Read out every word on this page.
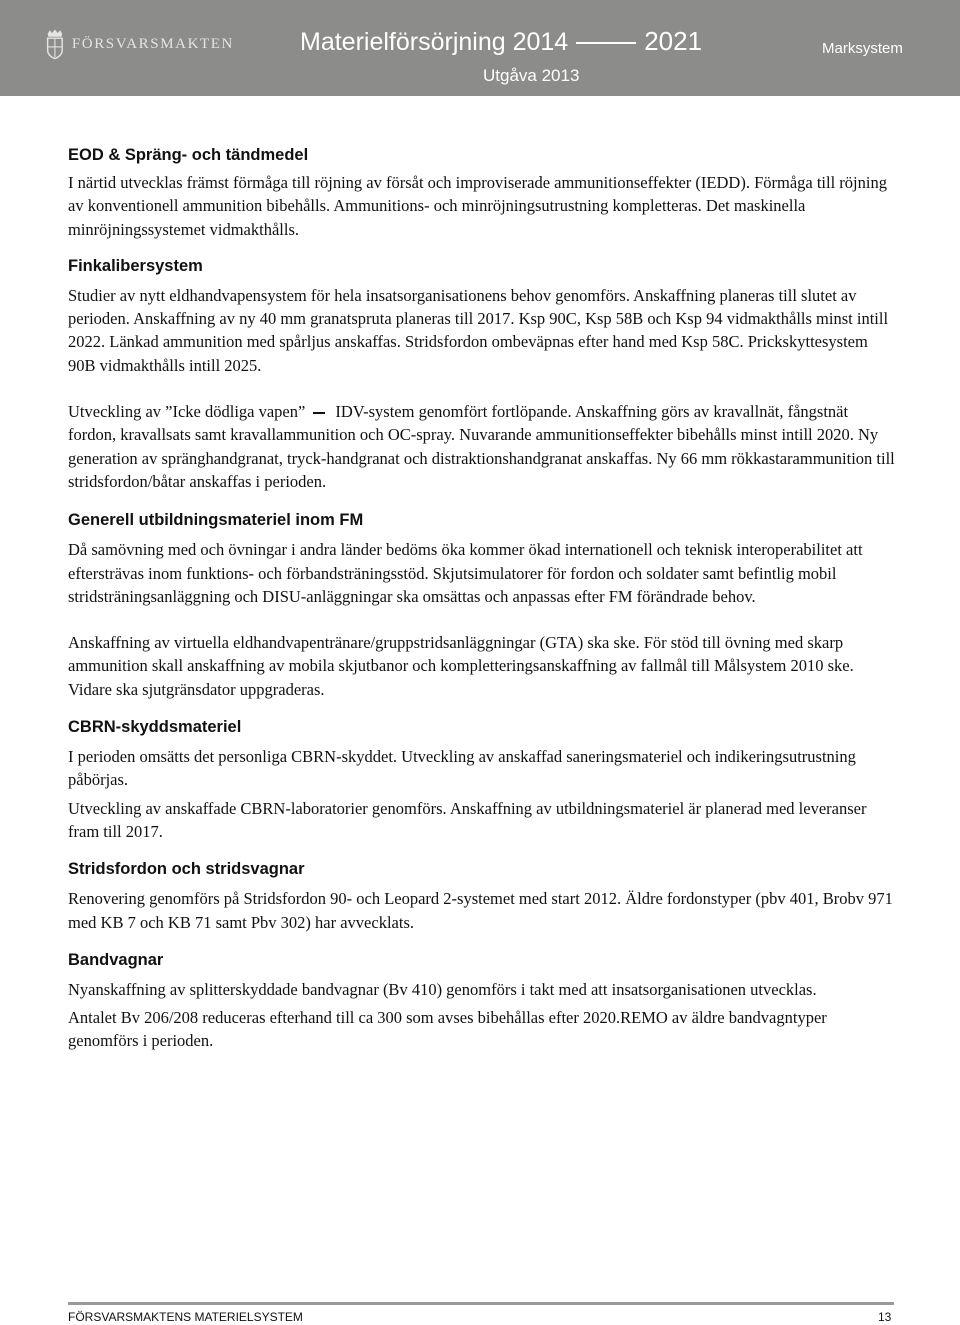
FÖRSVARSMAKTEN	Materielförsörjning 2014	2021
Utgåva 2013
Marksystem
EOD & Spräng- och tändmedel

I närtid utvecklas främst förmåga till röjning av försåt och improviserade ammunitionseffekter (IEDD). Förmåga till röjning av konventionell ammunition bibehålls. Ammunitions- och minröjningsutrustning kompletteras. Det maskinella minröjningssystemet vidmakthålls.

Finkalibersystem

Studier av nytt eldhandvapensystem för hela insatsorganisationens behov genomförs. Anskaffning planeras till slutet av perioden. Anskaffning av ny 40 mm granatspruta planeras till 2017. Ksp 90C, Ksp 58B och Ksp 94 vidmakthålls minst intill 2022. Länkad ammunition med spårljus anskaffas. Stridsfordon ombeväpnas efter hand med Ksp 58C. Prickskyttesystem 90B vidmakthålls intill 2025.

Utveckling av ”Icke dödliga vapen” IDV-system genomfört fortlöpande. Anskaffning görs av kravallnät, fångstnät fordon, kravallsats samt kravallammunition och OC-spray. Nuvarande ammunitionseffekter bibehålls minst intill 2020. Ny generation av spränghandgranat, tryck-handgranat och distraktionshandgranat anskaffas. Ny 66 mm rökkastarammunition till stridsfordon/båtar anskaffas i perioden.

Generell utbildningsmateriel inom FM

Då samövning med och övningar i andra länder bedöms öka kommer ökad internationell och teknisk interoperabilitet att eftersträvas inom funktions- och förbandsträningsstöd. Skjutsimulatorer för fordon och soldater samt befintlig mobil stridsträningsanläggning och DISU-anläggningar ska omsättas och anpassas efter FM förändrade behov.

Anskaffning av virtuella eldhandvapentränare/gruppstridsanläggningar (GTA) ska ske. För stöd till övning med skarp ammunition skall anskaffning av mobila skjutbanor och kompletteringsanskaffning av fallmål till Målsystem 2010 ske. Vidare ska sjutgränsdator uppgraderas.

CBRN-skyddsmateriel

I perioden omsätts det personliga CBRN-skyddet. Utveckling av anskaffad saneringsmateriel och indikeringsutrustning påbörjas.

Utveckling av anskaffade CBRN-laboratorier genomförs. Anskaffning av utbildningsmateriel är planerad med leveranser fram till 2017.

Stridsfordon och stridsvagnar

Renovering genomförs på Stridsfordon 90- och Leopard 2-systemet med start 2012. Äldre fordonstyper (pbv 401, Brobv 971 med KB 7 och KB 71 samt Pbv 302) har avvecklats.

Bandvagnar

Nyanskaffning av splitterskyddade bandvagnar (Bv 410) genomförs i takt med att insatsorganisationen utvecklas.

Antalet Bv 206/208 reduceras efterhand till ca 300 som avses bibehållas efter 2020.REMO av äldre bandvagntyper genomförs i perioden.

FÖRSVARSMAKTENS MATERIELSYSTEM	13
